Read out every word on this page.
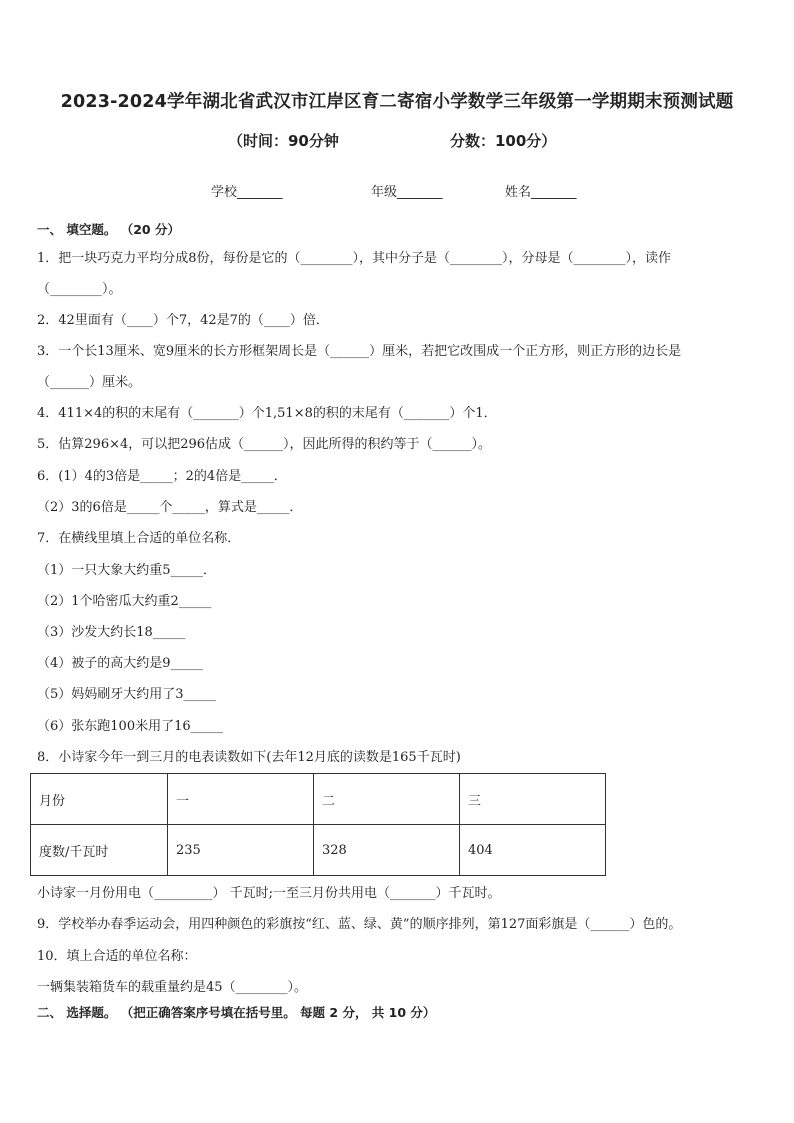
2023-2024学年湖北省武汉市江岸区育二寄宿小学数学三年级第一学期期末预测试题
（时间：90分钟	分数：100分）
学校_______	年级_______	姓名_______
一、 填空题。 （20 分）
1．把一块巧克力平均分成8份，每份是它的（________），其中分子是（________），分母是（________），读作
（________）。
2．42里面有（____）个7，42是7的（____）倍．
3．一个长13厘米、宽9厘米的长方形框架周长是（______）厘米，若把它改围成一个正方形，则正方形的边长是
（______）厘米。
4．411×4的积的末尾有（_______）个1,51×8的积的末尾有（_______）个1．
5．估算296×4，可以把296估成（______），因此所得的积约等于（______）。
6．(1）4的3倍是_____；2的4倍是_____．
（2）3的6倍是_____个_____，算式是_____．
7．在横线里填上合适的单位名称．
（1）一只大象大约重5_____．
（2）1个哈密瓜大约重2_____
（3）沙发大约长18_____
（4）被子的高大约是9_____
（5）妈妈刷牙大约用了3_____
（6）张东跑100米用了16_____
8．小诗家今年一到三月的电表读数如下(去年12月底的读数是165千瓦时)
月份	一	二	三
度数/千瓦时	235	328	404
小诗家一月份用电（_________） 千瓦时;一至三月份共用电（_______）千瓦时。
9．学校举办春季运动会，用四种颜色的彩旗按“红、蓝、绿、黄”的顺序排列，第127面彩旗是（______）色的。
10．填上合适的单位名称：
一辆集装箱货车的载重量约是45（________）。
二、 选择题。 （把正确答案序号填在括号里。 每题 2 分， 共 10 分）
